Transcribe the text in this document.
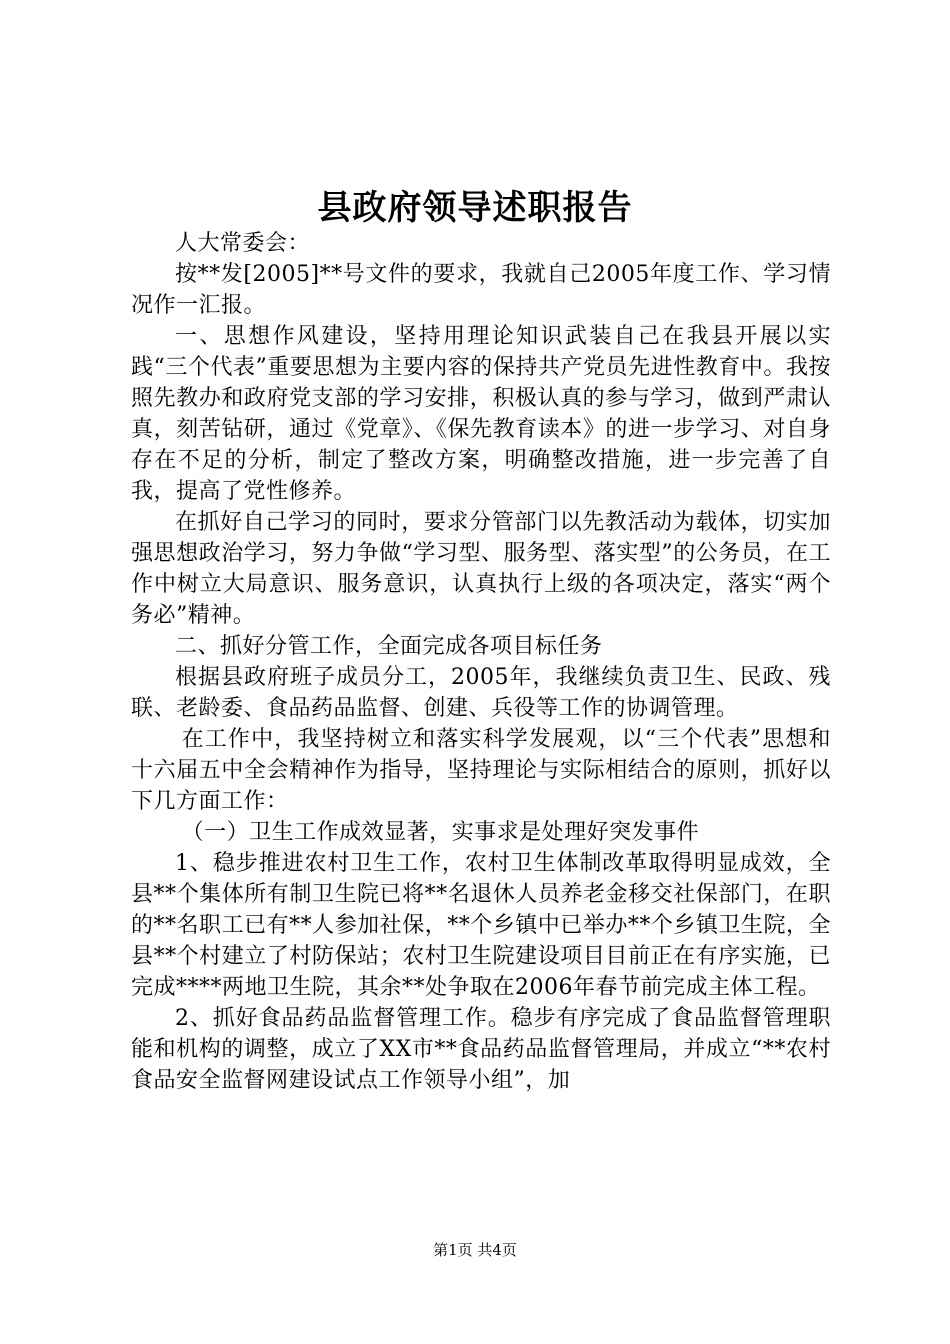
县政府领导述职报告

人大常委会：

按**发[2005]**号文件的要求，我就自己2005年度工作、学习情况作一汇报。

一、思想作风建设，坚持用理论知识武装自己在我县开展以实践“三个代表”重要思想为主要内容的保持共产党员先进性教育中。我按照先教办和政府党支部的学习安排，积极认真的参与学习，做到严肃认真，刻苦钻研，通过《党章》、《保先教育读本》的进一步学习、对自身存在不足的分析，制定了整改方案，明确整改措施，进一步完善了自我，提高了党性修养。

在抓好自己学习的同时，要求分管部门以先教活动为载体，切实加强思想政治学习，努力争做“学习型、服务型、落实型”的公务员，在工作中树立大局意识、服务意识，认真执行上级的各项决定，落实“两个务必”精神。

二、抓好分管工作，全面完成各项目标任务

根据县政府班子成员分工，2005年，我继续负责卫生、民政、残联、老龄委、食品药品监督、创建、兵役等工作的协调管理。

在工作中，我坚持树立和落实科学发展观，以“三个代表”思想和十六届五中全会精神作为指导，坚持理论与实际相结合的原则，抓好以下几方面工作：

（一）卫生工作成效显著，实事求是处理好突发事件

1、稳步推进农村卫生工作，农村卫生体制改革取得明显成效，全县**个集体所有制卫生院已将**名退休人员养老金移交社保部门，在职的**名职工已有**人参加社保，**个乡镇中已举办**个乡镇卫生院，全县**个村建立了村防保站；农村卫生院建设项目目前正在有序实施，已完成****两地卫生院，其余**处争取在2006年春节前完成主体工程。

2、抓好食品药品监督管理工作。稳步有序完成了食品监督管理职能和机构的调整，成立了XX市**食品药品监督管理局，并成立“**农村食品安全监督网建设试点工作领导小组”，加

第1页 共4页
